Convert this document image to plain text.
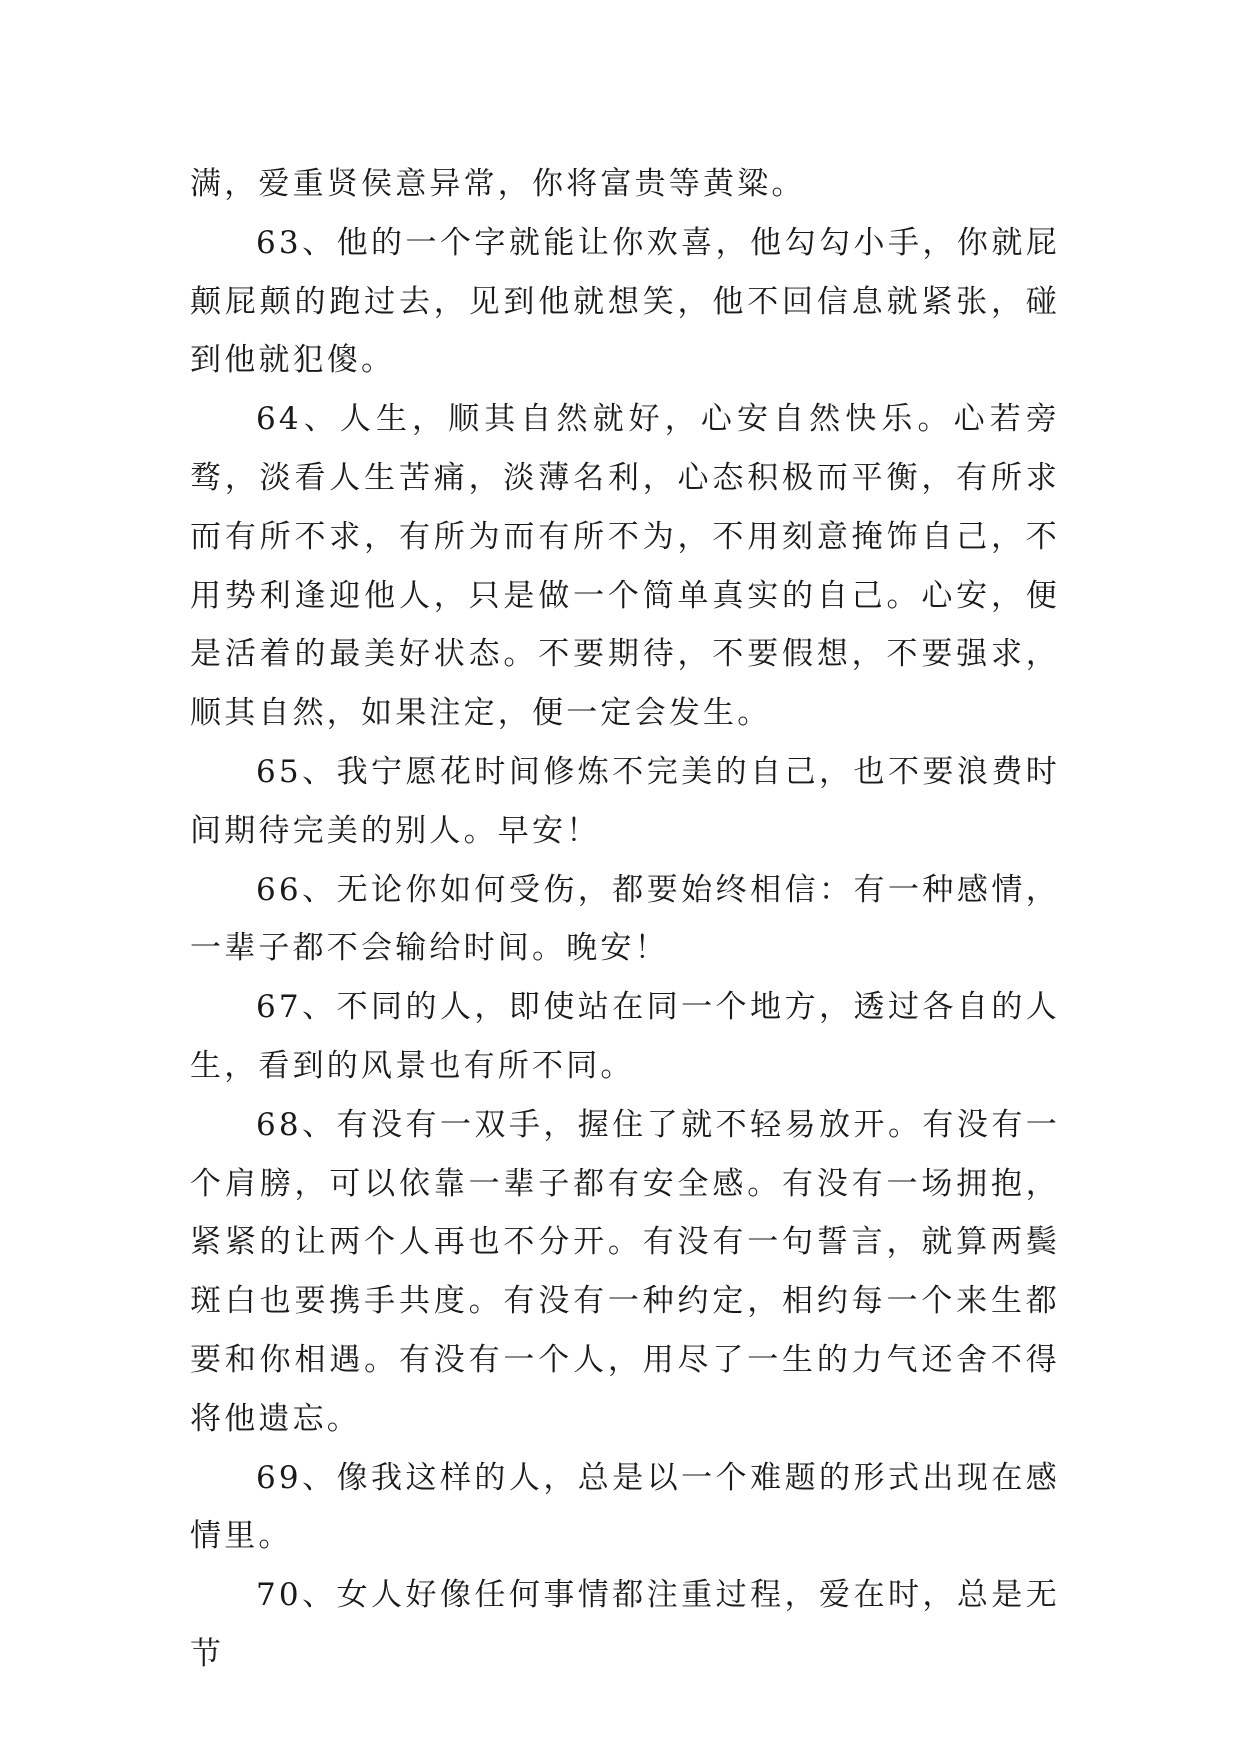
满，爱重贤侯意异常，你将富贵等黄粱。

63、他的一个字就能让你欢喜，他勾勾小手，你就屁颠屁颠的跑过去，见到他就想笑，他不回信息就紧张，碰到他就犯傻。

64、人生，顺其自然就好，心安自然快乐。心若旁骛，淡看人生苦痛，淡薄名利，心态积极而平衡，有所求而有所不求，有所为而有所不为，不用刻意掩饰自己，不用势利逢迎他人，只是做一个简单真实的自己。心安，便是活着的最美好状态。不要期待，不要假想，不要强求，顺其自然，如果注定，便一定会发生。

65、我宁愿花时间修炼不完美的自己，也不要浪费时间期待完美的别人。早安！

66、无论你如何受伤，都要始终相信：有一种感情，一辈子都不会输给时间。晚安！

67、不同的人，即使站在同一个地方，透过各自的人生，看到的风景也有所不同。

68、有没有一双手，握住了就不轻易放开。有没有一个肩膀，可以依靠一辈子都有安全感。有没有一场拥抱，紧紧的让两个人再也不分开。有没有一句誓言，就算两鬓斑白也要携手共度。有没有一种约定，相约每一个来生都要和你相遇。有没有一个人，用尽了一生的力气还舍不得将他遗忘。

69、像我这样的人，总是以一个难题的形式出现在感情里。

70、女人好像任何事情都注重过程，爱在时，总是无节
